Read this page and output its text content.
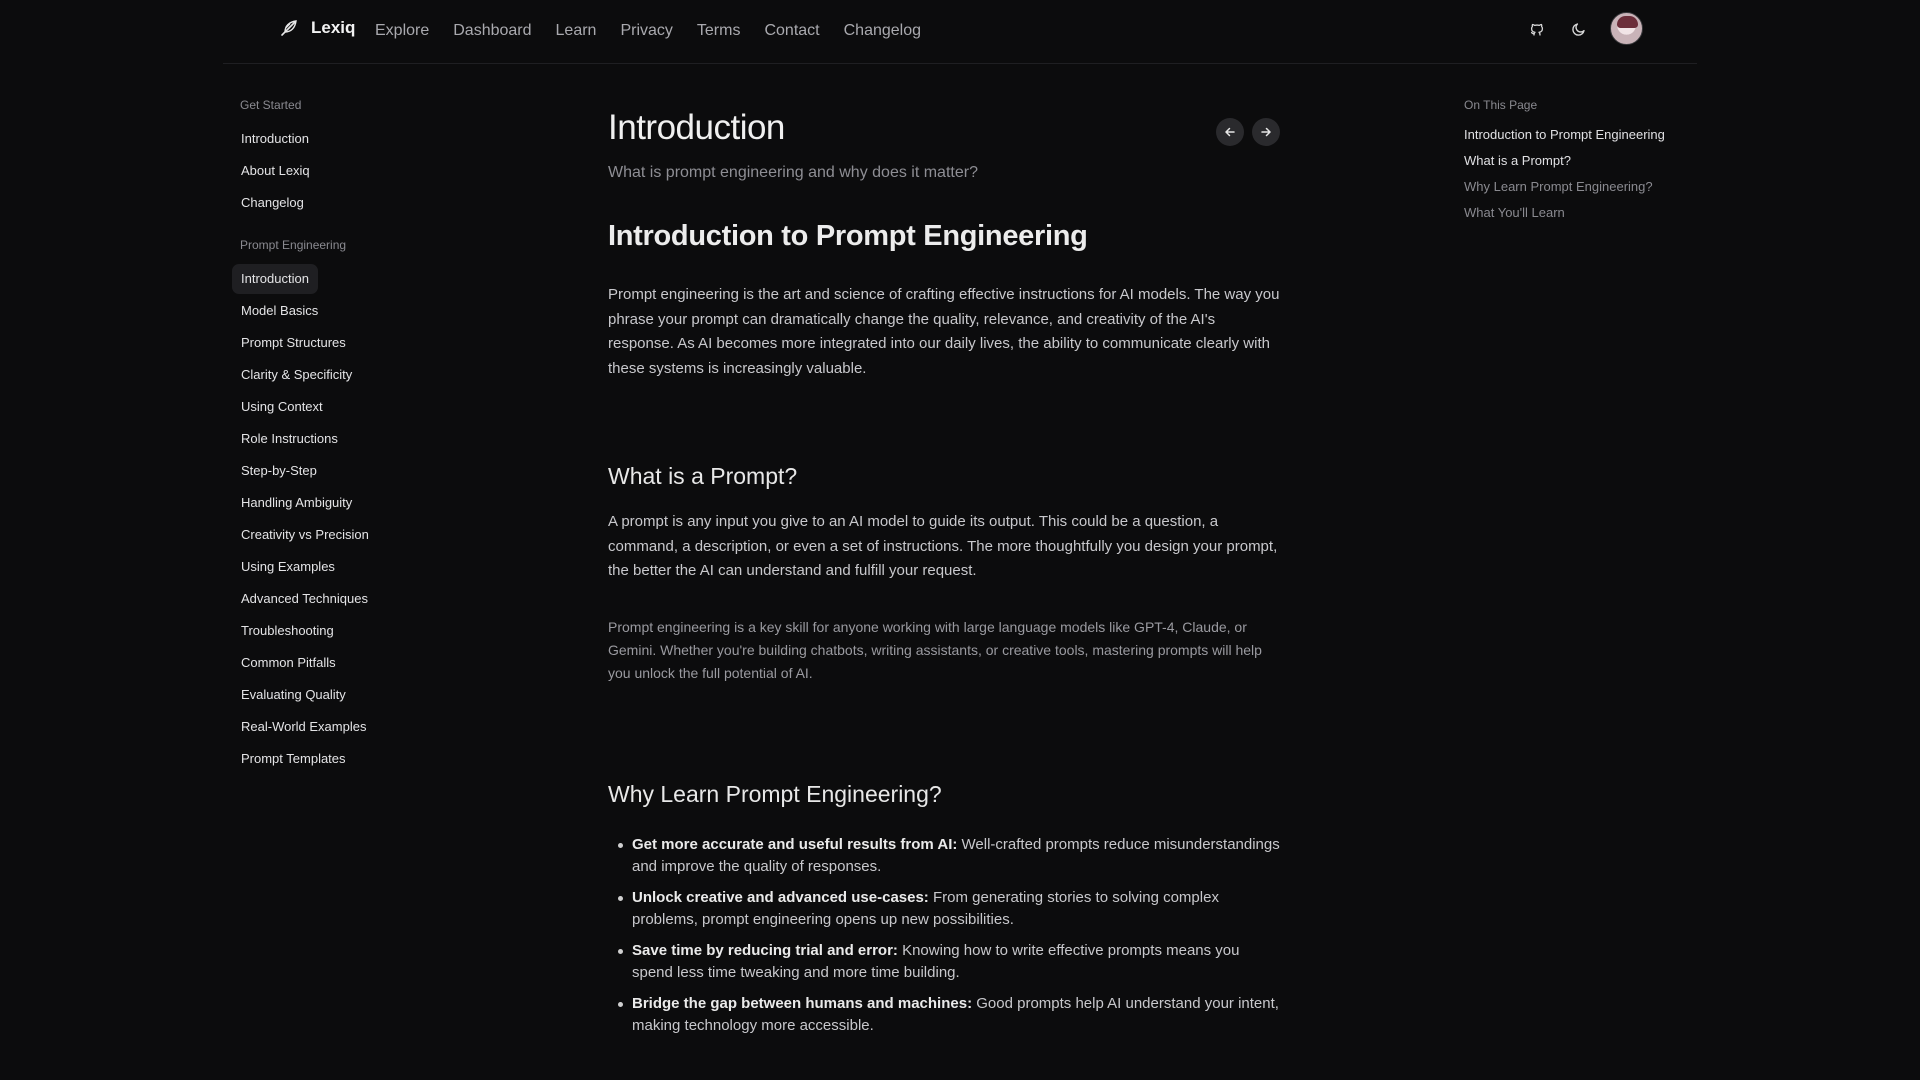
Lexiq Explore Dashboard Learn Privacy Terms Contact Changelog
Get Started
Introduction
About Lexiq
Changelog
Prompt Engineering
Introduction
Model Basics
Prompt Structures
Clarity & Specificity
Using Context
Role Instructions
Step-by-Step
Handling Ambiguity
Creativity vs Precision
Using Examples
Advanced Techniques
Troubleshooting
Common Pitfalls
Evaluating Quality
Real-World Examples
Prompt Templates
Introduction

What is prompt engineering and why does it matter?

Introduction to Prompt Engineering

Prompt engineering is the art and science of crafting effective instructions for AI models. The way you phrase your prompt can dramatically change the quality, relevance, and creativity of the AI's response. As AI becomes more integrated into our daily lives, the ability to communicate clearly with these systems is increasingly valuable.

What is a Prompt?

A prompt is any input you give to an AI model to guide its output. This could be a question, a command, a description, or even a set of instructions. The more thoughtfully you design your prompt, the better the AI can understand and fulfill your request.

Prompt engineering is a key skill for anyone working with large language models like GPT-4, Claude, or Gemini. Whether you're building chatbots, writing assistants, or creative tools, mastering prompts will help you unlock the full potential of AI.

Why Learn Prompt Engineering?
Get more accurate and useful results from AI: Well-crafted prompts reduce misunderstandings and improve the quality of responses.
Unlock creative and advanced use-cases: From generating stories to solving complex problems, prompt engineering opens up new possibilities.
Save time by reducing trial and error: Knowing how to write effective prompts means you spend less time tweaking and more time building.
Bridge the gap between humans and machines: Good prompts help AI understand your intent, making technology more accessible.
On This Page
Introduction to Prompt Engineering
What is a Prompt?
Why Learn Prompt Engineering?
What You'll Learn
